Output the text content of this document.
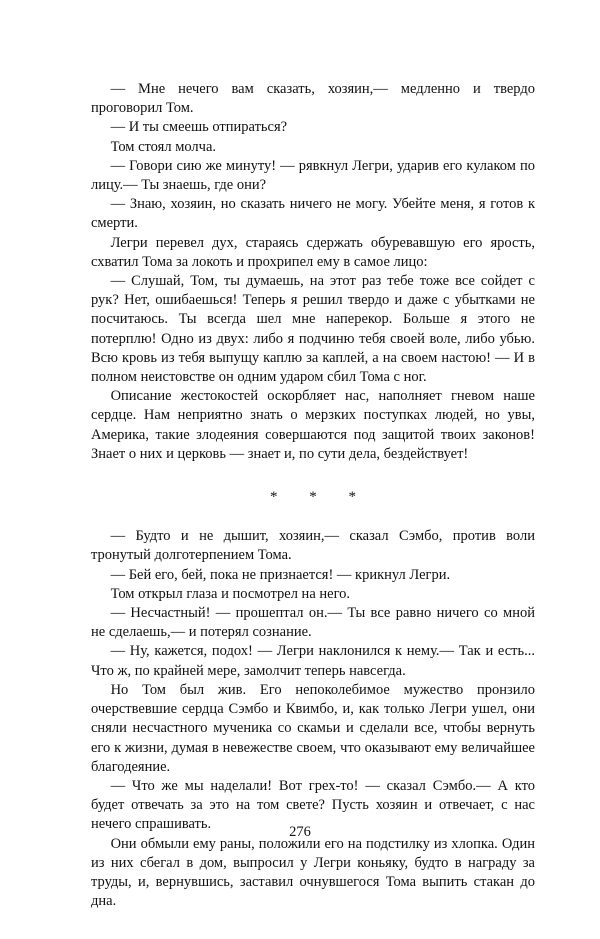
— Мне нечего вам сказать, хозяин,— медленно и твердо проговорил Том.

— И ты смеешь отпираться?

Том стоял молча.

— Говори сию же минуту! — рявкнул Легри, ударив его кулаком по лицу.— Ты знаешь, где они?

— Знаю, хозяин, но сказать ничего не могу. Убейте меня, я готов к смерти.

Легри перевел дух, стараясь сдержать обуревавшую его ярость, схватил Тома за локоть и прохрипел ему в самое лицо:

— Слушай, Том, ты думаешь, на этот раз тебе тоже все сойдет с рук? Нет, ошибаешься! Теперь я решил твердо и даже с убытками не посчитаюсь. Ты всегда шел мне наперекор. Больше я этого не потерплю! Одно из двух: либо я подчиню тебя своей воле, либо убью. Всю кровь из тебя выпущу каплю за каплей, а на своем настою! — И в полном неистовстве он одним ударом сбил Тома с ног.

Описание жестокостей оскорбляет нас, наполняет гневом наше сердце. Нам неприятно знать о мерзких поступках людей, но увы, Америка, такие злодеяния совершаются под защитой твоих законов! Знает о них и церковь — знает и, по сути дела, бездействует!

* * *

— Будто и не дышит, хозяин,— сказал Сэмбо, против воли тронутый долготерпением Тома.

— Бей его, бей, пока не признается! — крикнул Легри.

Том открыл глаза и посмотрел на него.

— Несчастный! — прошептал он.— Ты все равно ничего со мной не сделаешь,— и потерял сознание.

— Ну, кажется, подох! — Легри наклонился к нему.— Так и есть... Что ж, по крайней мере, замолчит теперь навсегда.

Но Том был жив. Его непоколебимое мужество пронзило очерствевшие сердца Сэмбо и Квимбо, и, как только Легри ушел, они сняли несчастного мученика со скамьи и сделали все, чтобы вернуть его к жизни, думая в невежестве своем, что оказывают ему величайшее благодеяние.

— Что же мы наделали! Вот грех-то! — сказал Сэмбо.— А кто будет отвечать за это на том свете? Пусть хозяин и отвечает, с нас нечего спрашивать.

Они обмыли ему раны, положили его на подстилку из хлопка. Один из них сбегал в дом, выпросил у Легри коньяку, будто в награду за труды, и, вернувшись, заставил очнувшегося Тома выпить стакан до дна.

276
